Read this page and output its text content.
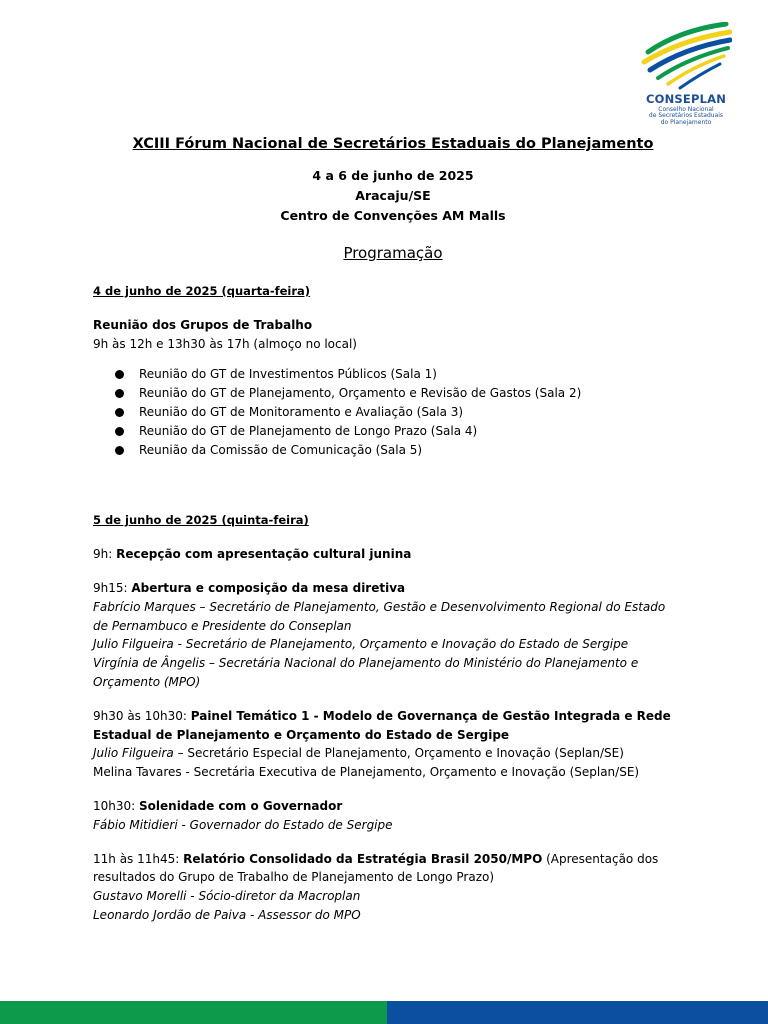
CONSEPLAN
Conselho Nacional
de Secretários Estaduais
do Planejamento
XCIII Fórum Nacional de Secretários Estaduais do Planejamento
4 a 6 de junho de 2025
Aracaju/SE
Centro de Convenções AM Malls
Programação
4 de junho de 2025 (quarta-feira)
Reunião dos Grupos de Trabalho
9h às 12h e 13h30 às 17h (almoço no local)
Reunião do GT de Investimentos Públicos (Sala 1)
Reunião do GT de Planejamento, Orçamento e Revisão de Gastos (Sala 2)
Reunião do GT de Monitoramento e Avaliação (Sala 3)
Reunião do GT de Planejamento de Longo Prazo (Sala 4)
Reunião da Comissão de Comunicação (Sala 5)
5 de junho de 2025 (quinta-feira)
9h: Recepção com apresentação cultural junina
9h15: Abertura e composição da mesa diretiva
Fabrício Marques – Secretário de Planejamento, Gestão e Desenvolvimento Regional do Estado
de Pernambuco e Presidente do Conseplan
Julio Filgueira - Secretário de Planejamento, Orçamento e Inovação do Estado de Sergipe
Virgínia de Ângelis – Secretária Nacional do Planejamento do Ministério do Planejamento e
Orçamento (MPO)
9h30 às 10h30: Painel Temático 1 - Modelo de Governança de Gestão Integrada e Rede
Estadual de Planejamento e Orçamento do Estado de Sergipe
Julio Filgueira – Secretário Especial de Planejamento, Orçamento e Inovação (Seplan/SE)
Melina Tavares - Secretária Executiva de Planejamento, Orçamento e Inovação (Seplan/SE)
10h30: Solenidade com o Governador
Fábio Mitidieri - Governador do Estado de Sergipe
11h às 11h45: Relatório Consolidado da Estratégia Brasil 2050/MPO (Apresentação dos
resultados do Grupo de Trabalho de Planejamento de Longo Prazo)
Gustavo Morelli - Sócio-diretor da Macroplan
Leonardo Jordão de Paiva - Assessor do MPO
